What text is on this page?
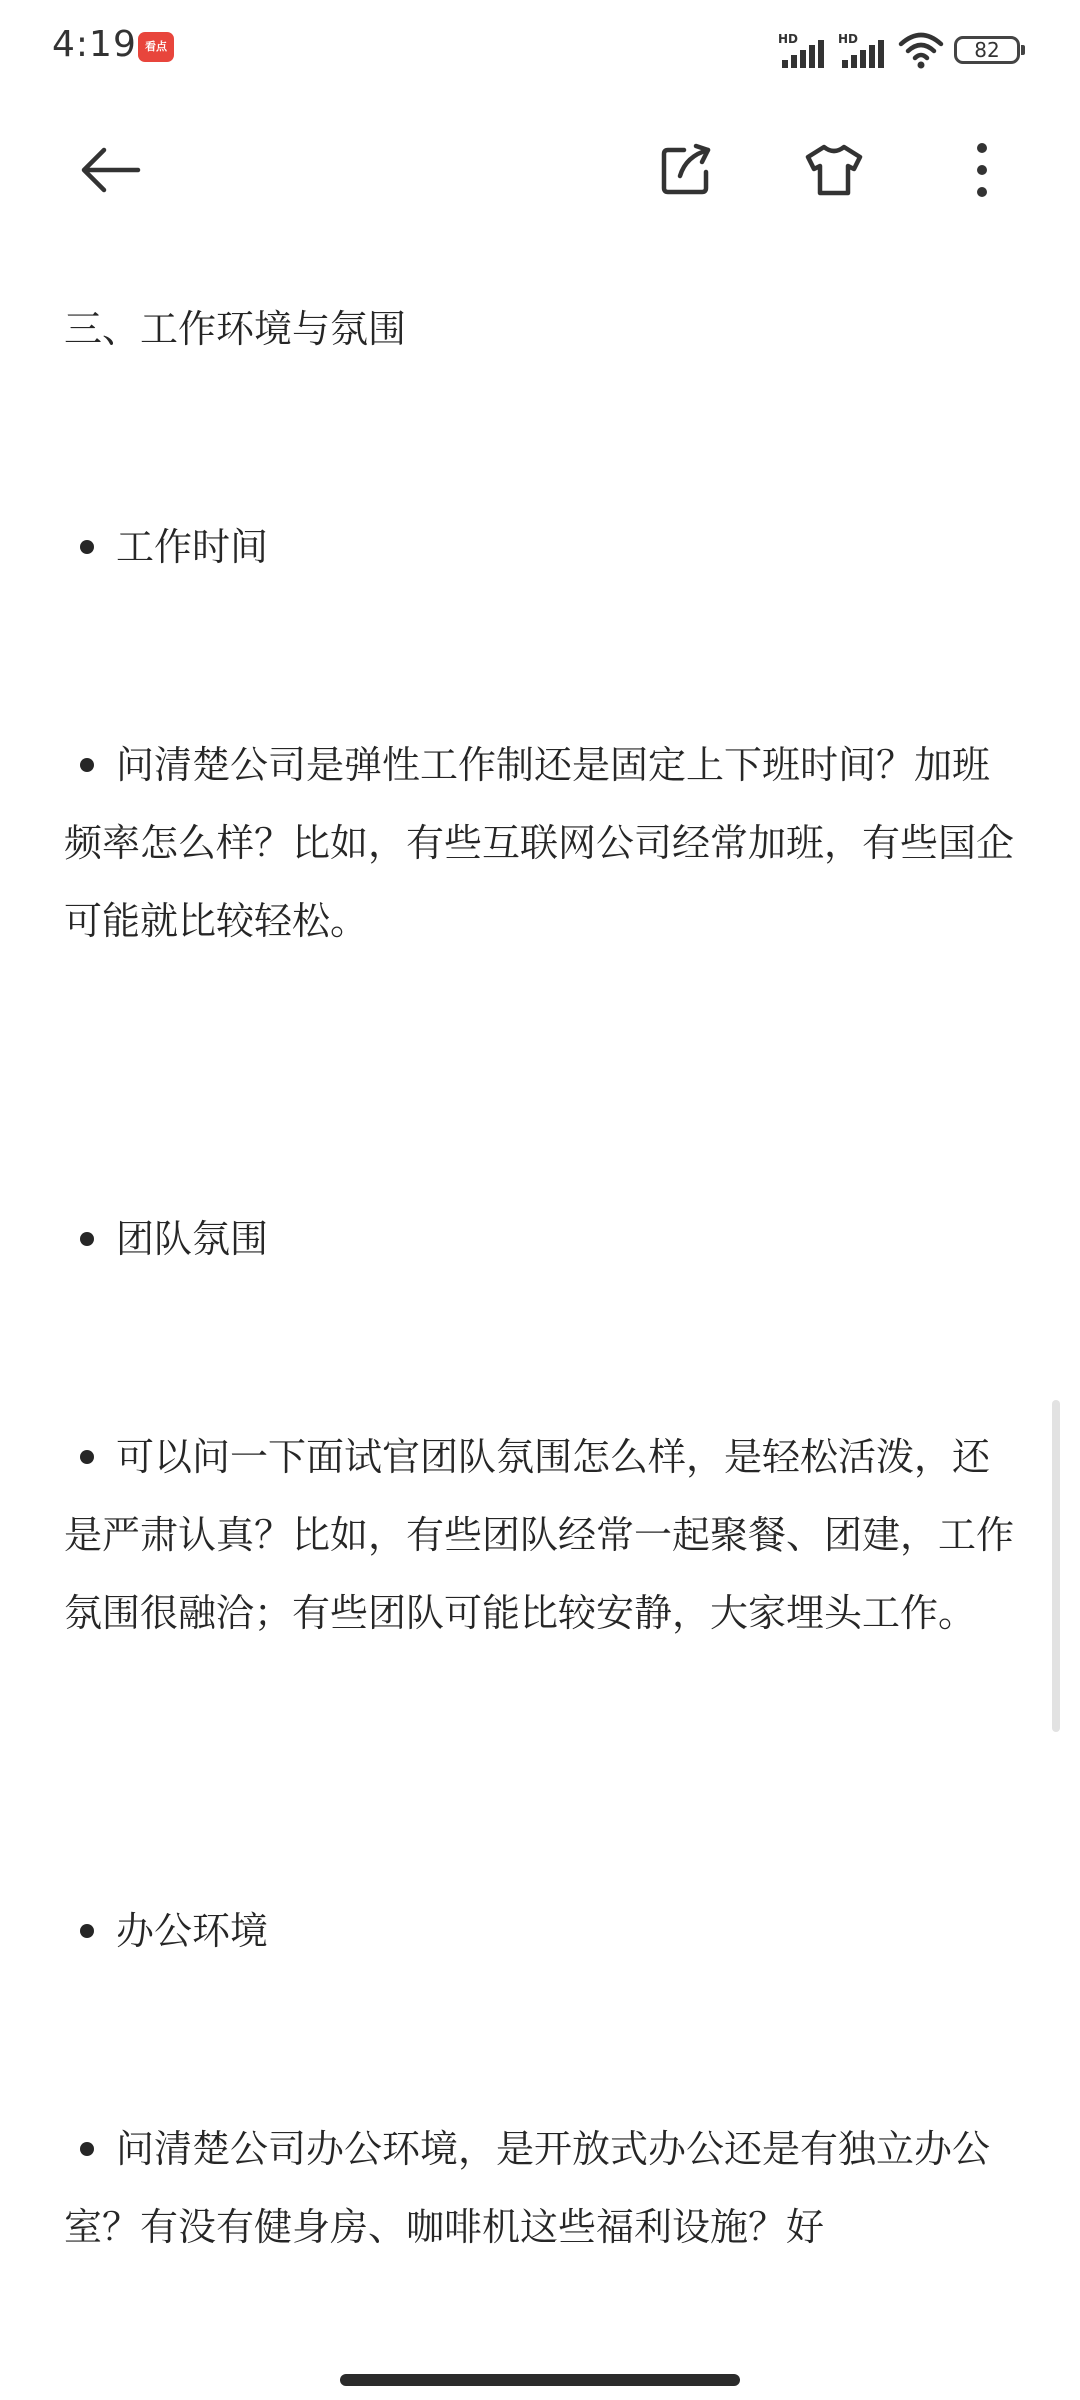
4:19 看点
HD	HD	82

三、工作环境与氛围

工作时间

问清楚公司是弹性工作制还是固定上下班时间？加班频率怎么样？比如，有些互联网公司经常加班，有些国企可能就比较轻松。

团队氛围

可以问一下面试官团队氛围怎么样，是轻松活泼，还是严肃认真？比如，有些团队经常一起聚餐、团建，工作氛围很融洽；有些团队可能比较安静，大家埋头工作。

办公环境

问清楚公司办公环境，是开放式办公还是有独立办公室？有没有健身房、咖啡机这些福利设施？好
